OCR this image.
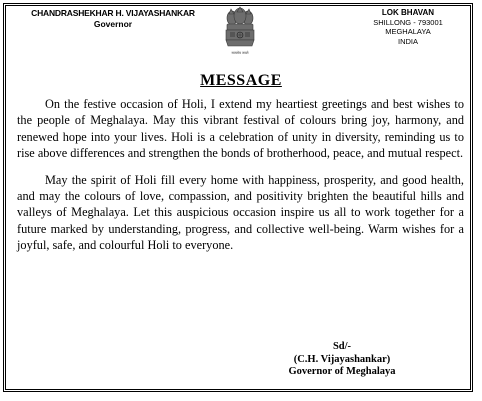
CHANDRASHEKHAR H. VIJAYASHANKAR
Governor
सत्यमेव जयते
LOK BHAVAN
SHILLONG - 793001
MEGHALAYA
INDIA
MESSAGE

On the festive occasion of Holi, I extend my heartiest greetings and best wishes to the people of Meghalaya. May this vibrant festival of colours bring joy, harmony, and renewed hope into your lives. Holi is a celebration of unity in diversity, reminding us to rise above differences and strengthen the bonds of brotherhood, peace, and mutual respect.

May the spirit of Holi fill every home with happiness, prosperity, and good health, and may the colours of love, compassion, and positivity brighten the beautiful hills and valleys of Meghalaya. Let this auspicious occasion inspire us all to work together for a future marked by understanding, progress, and collective well-being. Warm wishes for a joyful, safe, and colourful Holi to everyone.

Sd/-
(C.H. Vijayashankar)
Governor of Meghalaya
